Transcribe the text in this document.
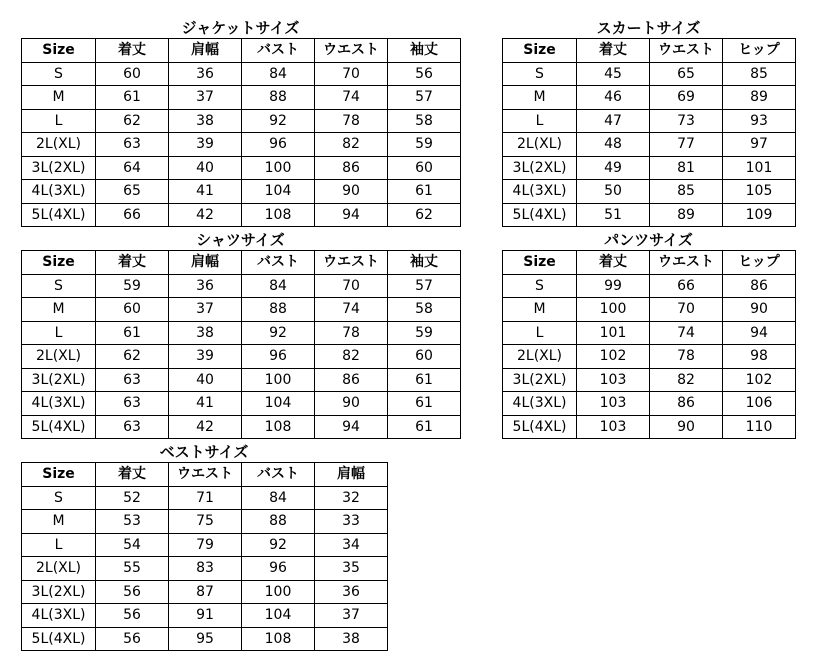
ジャケットサイズ
Size	着丈	肩幅	バスト	ウエスト	袖丈
S	60	36	84	70	56
M	61	37	88	74	57
L	62	38	92	78	58
2L(XL)	63	39	96	82	59
3L(2XL)	64	40	100	86	60
4L(3XL)	65	41	104	90	61
5L(4XL)	66	42	108	94	62
スカートサイズ
Size	着丈	ウエスト	ヒップ
S	45	65	85
M	46	69	89
L	47	73	93
2L(XL)	48	77	97
3L(2XL)	49	81	101
4L(3XL)	50	85	105
5L(4XL)	51	89	109
シャツサイズ
Size	着丈	肩幅	バスト	ウエスト	袖丈
S	59	36	84	70	57
M	60	37	88	74	58
L	61	38	92	78	59
2L(XL)	62	39	96	82	60
3L(2XL)	63	40	100	86	61
4L(3XL)	63	41	104	90	61
5L(4XL)	63	42	108	94	61
パンツサイズ
Size	着丈	ウエスト	ヒップ
S	99	66	86
M	100	70	90
L	101	74	94
2L(XL)	102	78	98
3L(2XL)	103	82	102
4L(3XL)	103	86	106
5L(4XL)	103	90	110
ベストサイズ
Size	着丈	ウエスト	バスト	肩幅
S	52	71	84	32
M	53	75	88	33
L	54	79	92	34
2L(XL)	55	83	96	35
3L(2XL)	56	87	100	36
4L(3XL)	56	91	104	37
5L(4XL)	56	95	108	38
